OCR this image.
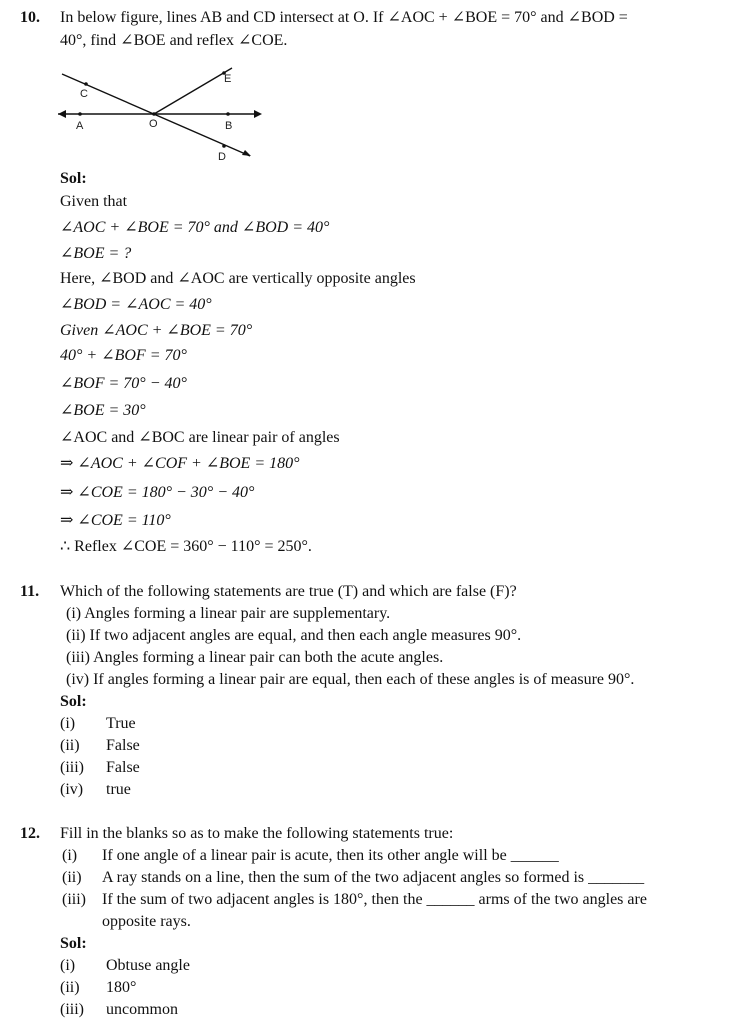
10. In below figure, lines AB and CD intersect at O. If ∠AOC + ∠BOE = 70° and ∠BOD =
40°, find ∠BOE and reflex ∠COE.
C
A	O	B
D
E
Sol:
Given that
∠AOC + ∠BOE = 70° and ∠BOD = 40°
∠BOE = ?
Here, ∠BOD and ∠AOC are vertically opposite angles
∠BOD = ∠AOC = 40°
Given ∠AOC + ∠BOE = 70°
40° + ∠BOF = 70°
∠BOF = 70° − 40°
∠BOE = 30°
∠AOC and ∠BOC are linear pair of angles
⇒ ∠AOC + ∠COF + ∠BOE = 180°
⇒ ∠COE = 180° − 30° − 40°
⇒ ∠COE = 110°
∴ Reflex ∠COE = 360° − 110° = 250°.
11. Which of the following statements are true (T) and which are false (F)?
(i) Angles forming a linear pair are supplementary.
(ii) If two adjacent angles are equal, and then each angle measures 90°.
(iii) Angles forming a linear pair can both the acute angles.
(iv) If angles forming a linear pair are equal, then each of these angles is of measure 90°.
Sol:
(i) True
(ii) False
(iii) False
(iv) true
12. Fill in the blanks so as to make the following statements true:
(i) If one angle of a linear pair is acute, then its other angle will be ______
(ii) A ray stands on a line, then the sum of the two adjacent angles so formed is _______
(iii) If the sum of two adjacent angles is 180°, then the ______ arms of the two angles are
opposite rays.
Sol:
(i) Obtuse angle
(ii) 180°
(iii) uncommon
